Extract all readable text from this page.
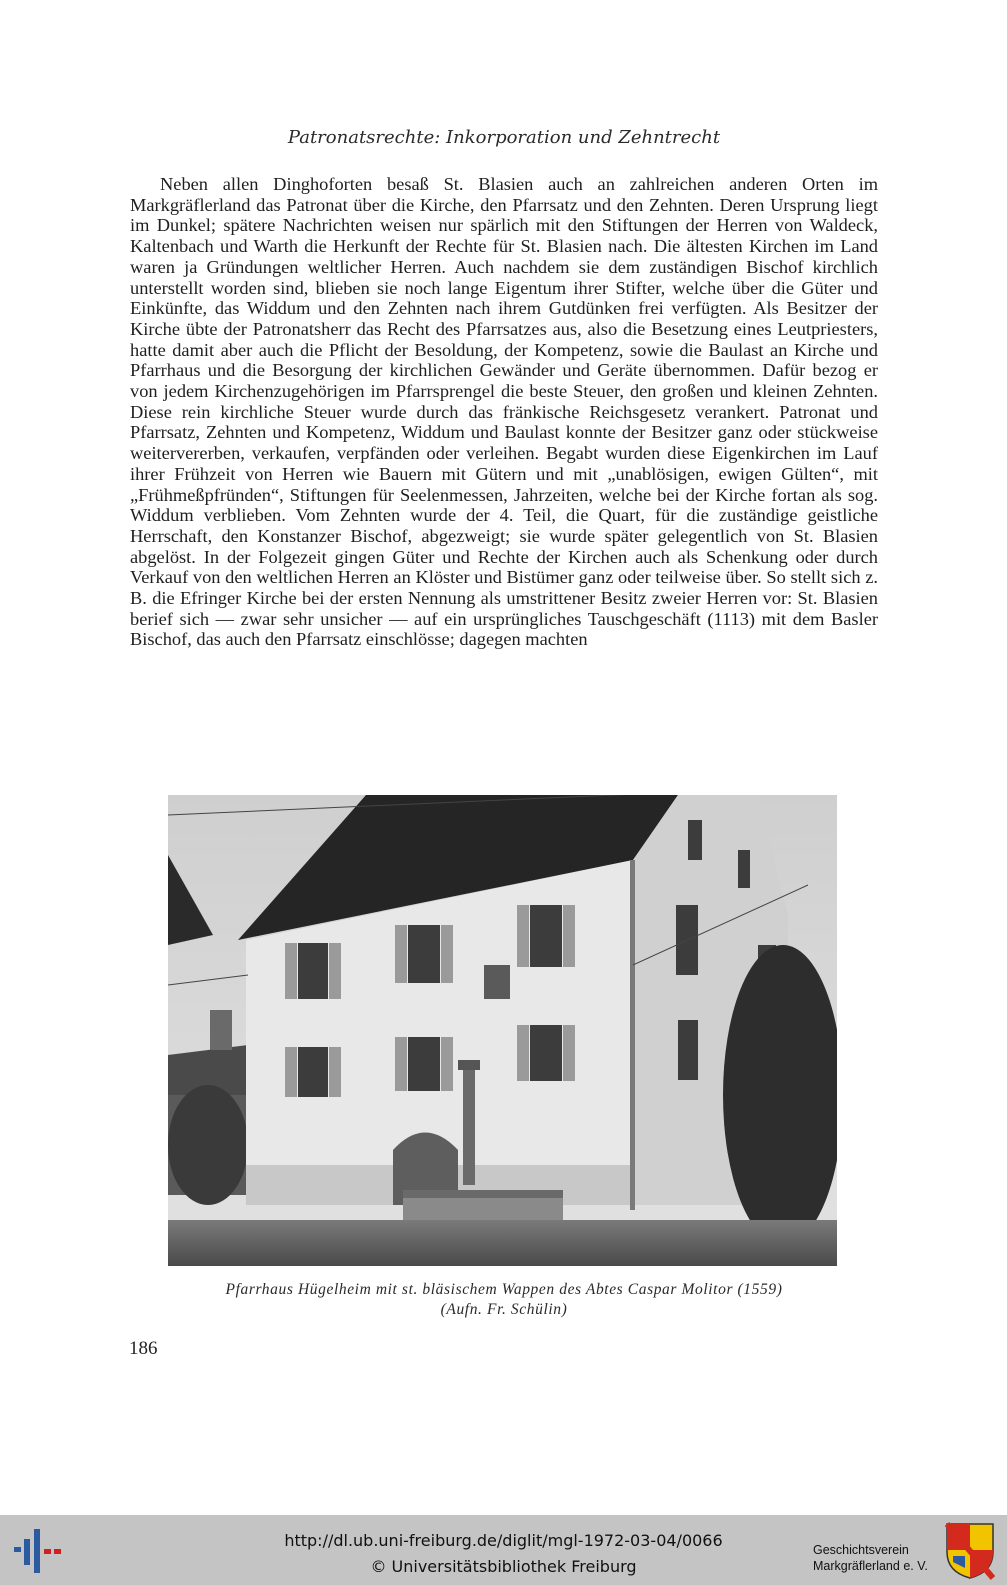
Patronatsrechte: Inkorporation und Zehntrecht

Neben allen Dinghoforten besaß St. Blasien auch an zahlreichen anderen Orten im Markgräflerland das Patronat über die Kirche, den Pfarrsatz und den Zehnten. Deren Ursprung liegt im Dunkel; spätere Nachrichten weisen nur spärlich mit den Stiftungen der Herren von Waldeck, Kaltenbach und Warth die Herkunft der Rechte für St. Blasien nach. Die ältesten Kirchen im Land waren ja Gründungen weltlicher Herren. Auch nachdem sie dem zuständigen Bischof kirchlich unterstellt worden sind, blieben sie noch lange Eigentum ihrer Stifter, welche über die Güter und Einkünfte, das Widdum und den Zehnten nach ihrem Gutdünken frei verfügten. Als Besitzer der Kirche übte der Patronatsherr das Recht des Pfarrsatzes aus, also die Besetzung eines Leutpriesters, hatte damit aber auch die Pflicht der Besoldung, der Kompetenz, sowie die Baulast an Kirche und Pfarrhaus und die Besorgung der kirchlichen Gewänder und Geräte übernommen. Dafür bezog er von jedem Kirchenzugehörigen im Pfarrsprengel die beste Steuer, den großen und kleinen Zehnten. Diese rein kirchliche Steuer wurde durch das fränkische Reichsgesetz verankert. Patronat und Pfarrsatz, Zehnten und Kompetenz, Widdum und Baulast konnte der Besitzer ganz oder stückweise weitervererben, verkaufen, verpfänden oder verleihen. Begabt wurden diese Eigenkirchen im Lauf ihrer Frühzeit von Herren wie Bauern mit Gütern und mit „unablösigen, ewigen Gülten“, mit „Frühmeßpfründen“, Stiftungen für Seelenmessen, Jahrzeiten, welche bei der Kirche fortan als sog. Widdum verblieben. Vom Zehnten wurde der 4. Teil, die Quart, für die zuständige geistliche Herrschaft, den Konstanzer Bischof, abgezweigt; sie wurde später gelegentlich von St. Blasien abgelöst. In der Folgezeit gingen Güter und Rechte der Kirchen auch als Schenkung oder durch Verkauf von den weltlichen Herren an Klöster und Bistümer ganz oder teilweise über. So stellt sich z. B. die Efringer Kirche bei der ersten Nennung als umstrittener Besitz zweier Herren vor: St. Blasien berief sich — zwar sehr unsicher — auf ein ursprüngliches Tauschgeschäft (1113) mit dem Basler Bischof, das auch den Pfarrsatz einschlösse; dagegen machten

Pfarrhaus Hügelheim mit st. bläsischem Wappen des Abtes Caspar Molitor (1559)
(Aufn. Fr. Schülin)
186
http://dl.ub.uni-freiburg.de/diglit/mgl-1972-03-04/0066
© Universitätsbibliothek Freiburg
Geschichtsverein
Markgräflerland e. V.
